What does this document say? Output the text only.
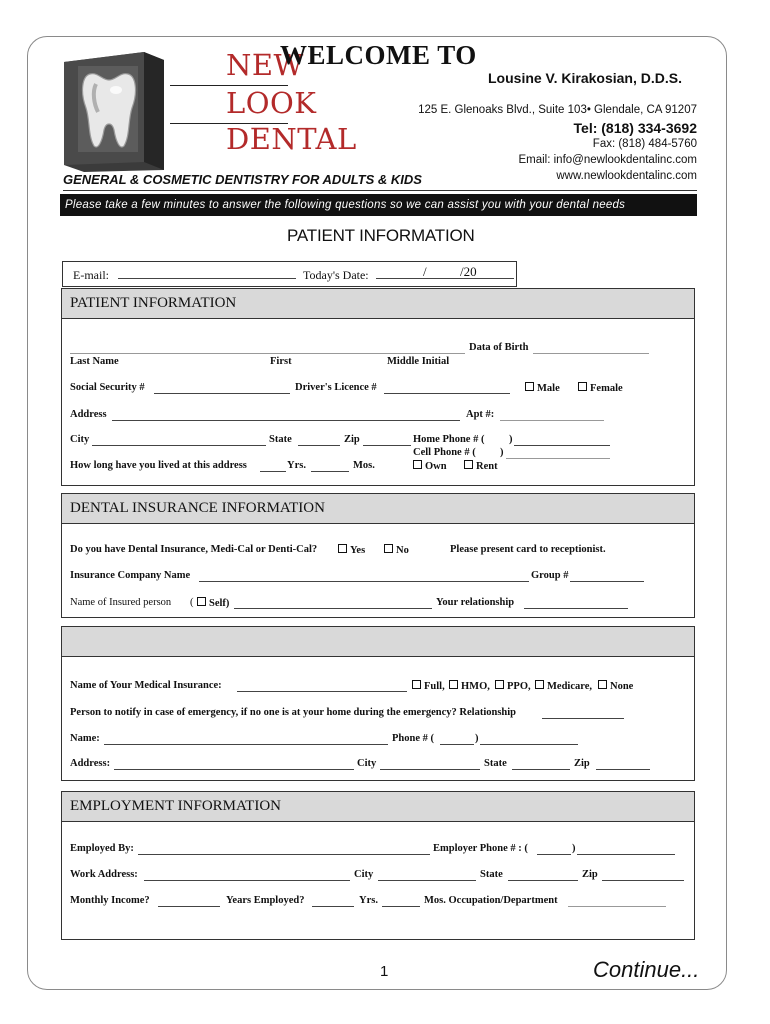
NEW
LOOK
DENTAL
WELCOME TO
Lousine V. Kirakosian, D.D.S.
125 E. Glenoaks Blvd., Suite 103• Glendale, CA 91207
Tel: (818) 334-3692
Fax: (818) 484-5760
Email: info@newlookdentalinc.com
www.newlookdentalinc.com
GENERAL & COSMETIC DENTISTRY FOR ADULTS & KIDS
Please take a few minutes to answer the following questions so we can assist you with your dental needs
PATIENT INFORMATION
E-mail:	Today's Date:	/	/20
PATIENT INFORMATION
Data of Birth
Last Name	First	Middle Initial
Social Security #	Driver's Licence #	Male	Female
Address	Apt #:
City	State	Zip	Home Phone # ( )
Cell Phone # ( )
How long have you lived at this address	Yrs.	Mos.	Own	Rent
DENTAL INSURANCE INFORMATION
Do you have Dental Insurance, Medi-Cal or Denti-Cal?	Yes	No	Please present card to receptionist.
Insurance Company Name	Group #
Name of Insured person (	Self)	Your relationship
Name of Your Medical Insurance:	Full,	HMO,	PPO,	Medicare,	None
Person to notify in case of emergency, if no one is at your home during the emergency? Relationship
Name:	Phone # (	)
Address:	City	State	Zip
EMPLOYMENT INFORMATION
Employed By:	Employer Phone # : (	)
Work Address:	City	State	Zip
Monthly Income?	Years Employed?	Yrs.	Mos. Occupation/Department
1	Continue...
